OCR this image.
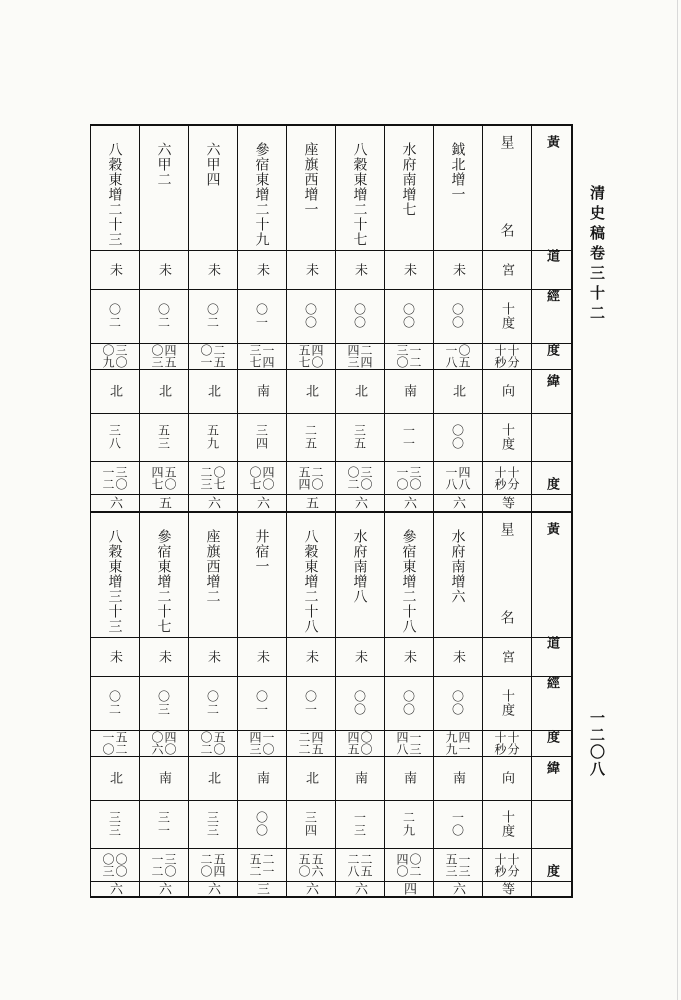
清史稿卷三十二
一二〇八
星
名
宮
十度
十分
十秒
向
十度
十分
十秒
等
鉞北增一
未
〇〇
〇五
一八
北
〇〇
四八
一八
六
水府南增七
未
〇〇
一二
三〇
南
一一
三〇
一〇
六
八穀東增二十七
未
〇〇
二四
四三
北
三五
三〇
〇二
六
座旗西增一
未
〇〇
四〇
五七
北
二五
二〇
五四
五
參宿東增二十九
未
〇一
一四
三七
南
三四
四〇
〇七
六
六甲四
未
〇二
二五
〇一
北
五九
〇七
二三
六
六甲二
未
〇二
四五
〇三
北
五三
五〇
四七
五
八穀東增二十三
未
〇二
三〇
〇九
北
三八
三〇
一二
六
星
名
宮
十度
十分
十秒
向
十度
十分
十秒
等
水府南增六
未
〇〇
四一
九九
南
一〇
一三
五三
六
參宿東增二十八
未
〇〇
一三
四八
南
二九
〇二
四〇
四
水府南增八
未
〇〇
〇〇
四五
南
一三
二五
二八
六
八穀東增二十八
未
〇一
四五
二二
北
三四
五六
五〇
六
井宿一
未
〇一
一〇
四三
南
〇〇
二一
五二
三
座旗西增二
未
〇二
五〇
〇二
北
三三
五四
二〇
六
參宿東增二十七
未
〇三
四〇
〇六
南
三一
三〇
一二
六
八穀東增三十三
未
〇二
五二
一〇
北
三三
〇〇
〇三
六
黃
道
經
度
緯
度
黃
道
經
度
緯
度
